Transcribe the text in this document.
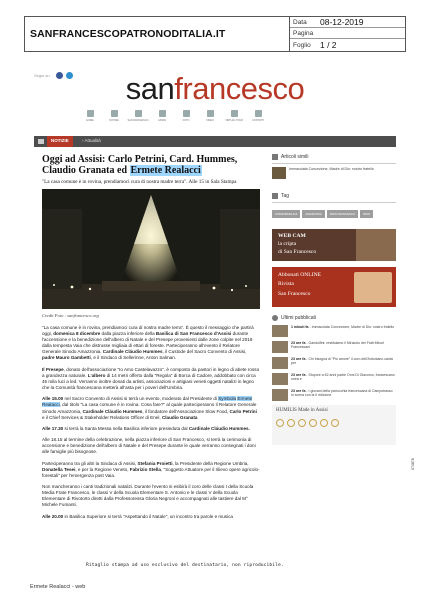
SANFRANCESCOPATRONODITALIA.IT
Data	08-12-2019
Pagina
Foglio	1 / 2
Segui su	sanfrancesco
HOME	NOTIZIE	SAN FRANCESCO	ASSISI	FOTO	VIDEO	VIRTUAL TOUR	CONTATTI
NOTIZIE	› Attualità
Oggi ad Assisi: Carlo Petrini, Card. Hummes, Claudio Granata ed Ermete Realacci
"La casa comune è in rovina, prendiamoci cura di nostra madre terra". Alle 15 in Sala Stampa
Credit Foto : sanfrancesco.org

"La casa comune è in rovina, prendiamoci cura di nostra madre terra". È questo il messaggio che partirà oggi, domenica 8 dicembre dalla piazza inferiore della Basilica di San Francesco d'Assisi durante l'accensione e la benedizione dell'albero di Natale e del Presepe provenienti dalle zone colpite nel 2018 dalla tempesta Vaia che distrusse migliaia di ettari di foreste. Parteciperanno all'evento il Relatore Generale Sinodo Amazzonia, Cardinale Cláudio Hummes, il Custode del Sacro Convento di Assisi, padre Mauro Gambetti, e il Sindaco di Sellerinne, Anton Salman.

Il Presepe, donato dell'associazione "Io Amo Castelavazzo", è composto da pastori in legno di abete rosso a grandezza naturale. L'albero di 14 metri offerto dalla "Regola" di Borca di Cadore, addobbato con circa 45 mila luci a led. Verranno inoltre donati da artisti, associazioni e artigiani veneti oggetti natalizi in legno che la Comunità francescana metterà all'asta per i poveri dell'Umbria.

Alle 15.00 nel Sacro Convento di Assisi si terrà un evento, moderato dal Presidente di Symbola Ermete Realacci, dal titolo "La casa comune è in rovina. Cosa fare?" al quale parteciperanno il Relatore Generale Sinodo Amazzonia, Cardinale Cláudio Hummes, il fondatore dell'Associazione Slow Food, Carlo Petrini e il Chief Services & Stakeholder Relations Officer di Enel, Claudio Granata

Alle 17.30 si terrà la Santa Messa nella Basilica inferiore presieduta dal Cardinale Cláudio Hummes.

Alle 18.15 al termine della celebrazione, nella piazza inferiore di San Francesco, si terrà la cerimonia di accensione e benedizione dell'albero di Natale e del Presepe durante le quale verranno consegnati i doni alle famiglie più bisognose.

Parteciperanno tra gli altri la Sindaca di Assisi, Stefania Proietti, la Presidente della Regione Umbria, Donatella Tesei, e per la Regione Veneto, Fabrizio Stella, "Soggetto Attuatore per il rilievo opere agricolo-forestali" per l'emergenza post Vaia.

Non mancheranno i canti tradizionali natalizi. Durante l'evento si esibirà il coro delle classi I della Scuola Media Frate Francesco, le classi V della Scuola Elementare S. Antonio e le classi V della Scuola Elementare di Rivotorto diretti dalla Professoressa Gloria Negroni e accompagnati alle tastiere dal M° Michele Fumanti.

Alle 20.00 in Basilica Superiore si terrà "Aspettando il Natale", un incontro tra parole e musica

Articoli simili
Immacolata Concezione, Madre di Dio: nostro fratello
Tag
ASSISI/BASILICA	AMAZZONIA	PAPA FRANCESCO	PAPA
WEB CAM
la cripta
di San Francesco
Abbonati ONLINE
Rivista
San Francesco
Ultimi pubblicati
1 minuti fa - Immacolata Concezione, Madre di Dio: nostro fratello
23 ore fa - Gandolfini: restituiamo il Miracolo dei Frati Minori Francescani
23 ore fa - Chi bisogna di "Più amore" il coro dell'Antoniano canta per
23 ore fa - Stupore a 62 anni padre Onni Di Giacomo, francescano unirà e
23 ore fa - I giovani della parrocchia francescana di Campobasso in scena con la II edizione
HUMILIS Made in Assisi
Ritaglio stampa ad uso esclusivo del destinatario, non riproducibile.
074878
Ermete Realacci - web
